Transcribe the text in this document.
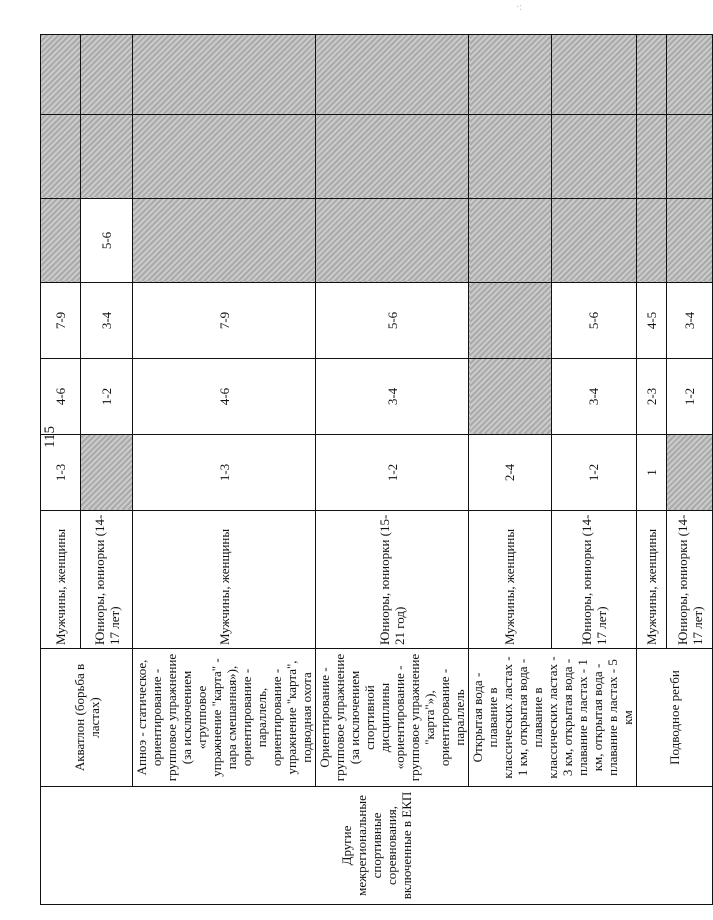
·:
115
Другие межрегиональные спортивные соревнования, включенные в ЕКП	Акватлон (борьба в ластах)	Мужчины, женщины	1-3	4-6	7-9			
		Юниоры, юниорки (14-17 лет)		1-2	3-4	5-6		
	Апноэ - статическое, ориентирование - групповое упражнение (за исключением «групповое упражнение "карта" - пара смешанная»), ориентирование - параллель, ориентирование - упражнение "карта", подводная охота	Мужчины, женщины	1-3	4-6	7-9			
	Ориентирование - групповое упражнение (за исключением спортивной дисциплины «ориентирование - групповое упражнение "карта"»), ориентирование - параллель	Юниоры, юниорки (15-21 год)	1-2	3-4	5-6			
	Открытая вода - плавание в классических ластах - 1 км, открытая вода - плавание в классических ластах - 3 км, открытая вода - плавание в ластах - 1 км, открытая вода - плавание в ластах - 5 км	Мужчины, женщины	2-4					
		Юниоры, юниорки (14-17 лет)	1-2	3-4	5-6			
	Подводное регби	Мужчины, женщины	1	2-3	4-5			
		Юниоры, юниорки (14-17 лет)		1-2	3-4			
